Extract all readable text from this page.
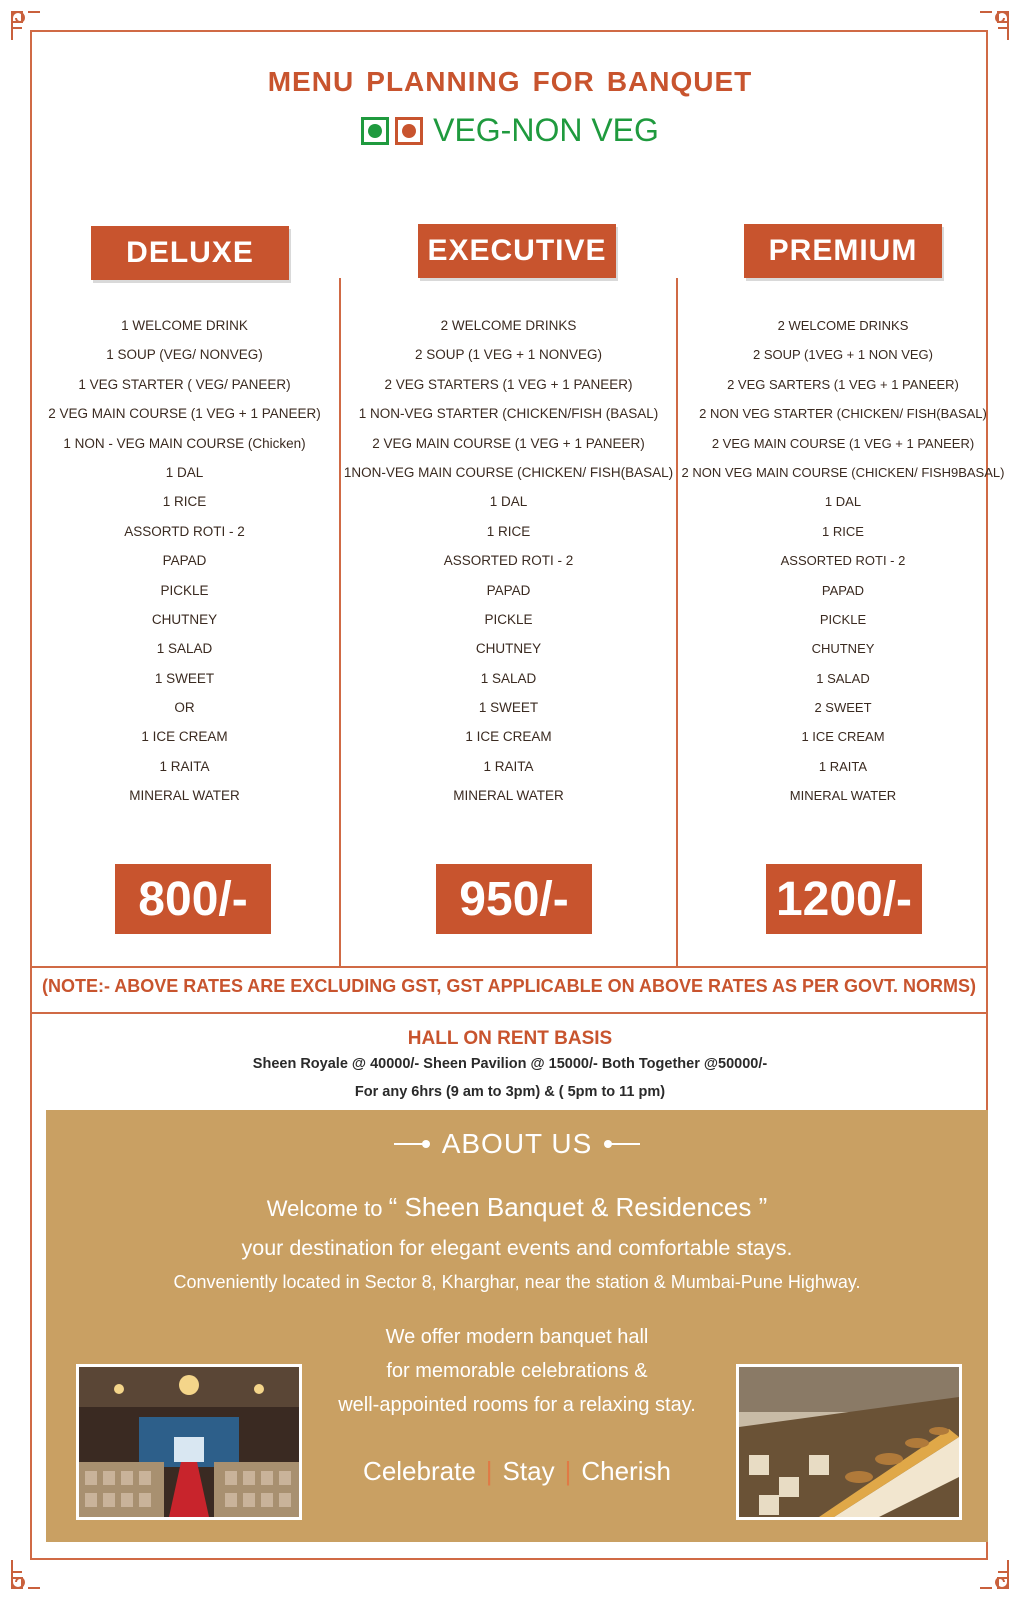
menu planning for banquet
VEG-NON VEG
DELUXE
1 WELCOME DRINK
1 SOUP (VEG/ NONVEG)
1 VEG STARTER ( VEG/ PANEER)
2 VEG MAIN COURSE (1 VEG + 1 PANEER)
1 NON - VEG MAIN COURSE (Chicken)
1 DAL
1 RICE
ASSORTD ROTI - 2
PAPAD
PICKLE
CHUTNEY
1 SALAD
1 SWEET
OR
1 ICE CREAM
1 RAITA
MINERAL WATER
800/-
EXECUTIVE
2 WELCOME DRINKS
2 SOUP (1 VEG + 1 NONVEG)
2 VEG STARTERS (1 VEG + 1 PANEER)
1 NON-VEG STARTER (CHICKEN/FISH (BASAL)
2 VEG MAIN COURSE (1 VEG + 1 PANEER)
1NON-VEG MAIN COURSE (CHICKEN/ FISH(BASAL)
1 DAL
1 RICE
ASSORTED ROTI - 2
PAPAD
PICKLE
CHUTNEY
1 SALAD
1 SWEET
1 ICE CREAM
1 RAITA
MINERAL WATER
950/-
PREMIUM
2 WELCOME DRINKS
2 SOUP (1VEG + 1 NON VEG)
2 VEG SARTERS (1 VEG + 1 PANEER)
2 NON VEG STARTER (CHICKEN/ FISH(BASAL)
2 VEG MAIN COURSE (1 VEG + 1 PANEER)
2 NON VEG MAIN COURSE (CHICKEN/ FISH9BASAL)
1 DAL
1 RICE
ASSORTED ROTI - 2
PAPAD
PICKLE
CHUTNEY
1 SALAD
2 SWEET
1 ICE CREAM
1 RAITA
MINERAL WATER
1200/-
(NOTE:- ABOVE RATES ARE EXCLUDING GST, GST APPLICABLE ON ABOVE RATES AS PER GOVT. NORMS)
HALL ON RENT BASIS
Sheen Royale @ 40000/- Sheen Pavilion @ 15000/- Both Together @50000/-
For any 6hrs (9 am to 3pm) & ( 5pm to 11 pm)
ABOUT US

Welcome to “ Sheen Banquet & Residences ”

your destination for elegant events and comfortable stays.

Conveniently located in Sector 8, Kharghar, near the station & Mumbai-Pune Highway.

We offer modern banquet hall

for memorable celebrations &

well-appointed rooms for a relaxing stay.

Celebrate | Stay | Cherish
